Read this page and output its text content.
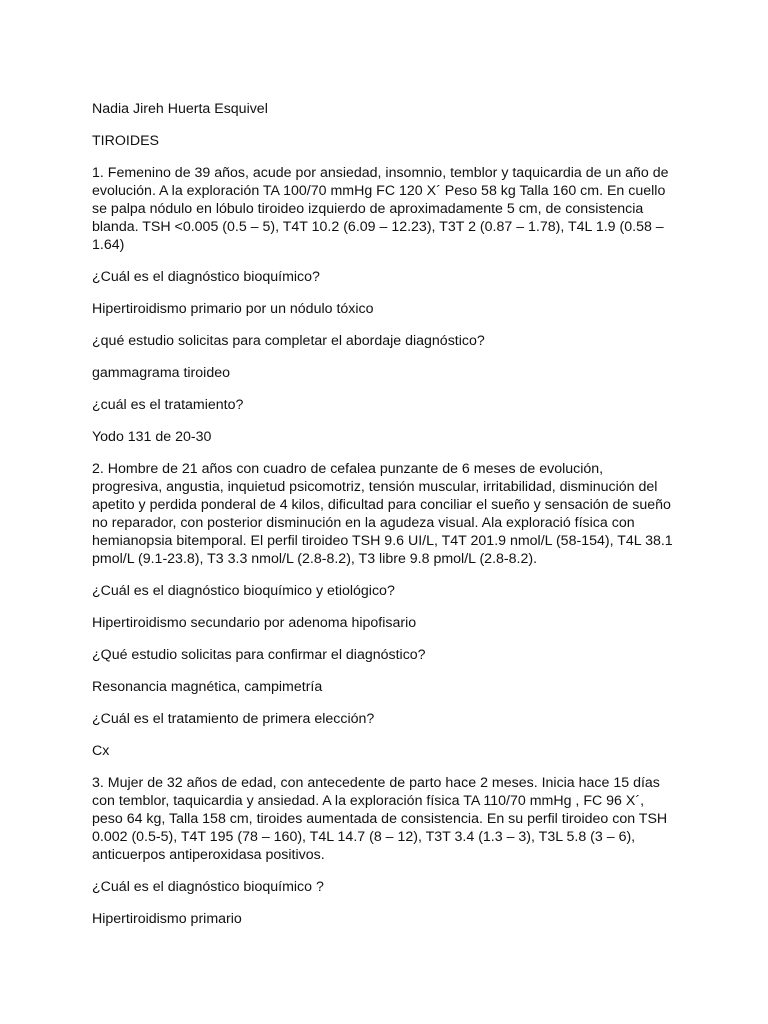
Nadia Jireh Huerta Esquivel

TIROIDES

1. Femenino de 39 años, acude por ansiedad, insomnio, temblor y taquicardia de un año de evolución. A la exploración TA 100/70 mmHg FC 120 X´ Peso 58 kg Talla 160 cm. En cuello se palpa nódulo en lóbulo tiroideo izquierdo de aproximadamente 5 cm, de consistencia blanda. TSH <0.005 (0.5 – 5), T4T 10.2 (6.09 – 12.23), T3T 2 (0.87 – 1.78), T4L 1.9 (0.58 – 1.64)

¿Cuál es el diagnóstico bioquímico?

Hipertiroidismo primario por un nódulo tóxico

¿qué estudio solicitas para completar el abordaje diagnóstico?

gammagrama tiroideo

¿cuál es el tratamiento?

Yodo 131 de 20-30

2. Hombre de 21 años con cuadro de cefalea punzante de 6 meses de evolución, progresiva, angustia, inquietud psicomotriz, tensión muscular, irritabilidad, disminución del apetito y perdida ponderal de 4 kilos, dificultad para conciliar el sueño y sensación de sueño no reparador, con posterior disminución en la agudeza visual. Ala exploració física con hemianopsia bitemporal. El perfil tiroideo TSH 9.6 UI/L, T4T 201.9 nmol/L (58-154), T4L 38.1 pmol/L (9.1-23.8), T3 3.3 nmol/L (2.8-8.2), T3 libre 9.8 pmol/L (2.8-8.2).

¿Cuál es el diagnóstico bioquímico y etiológico?

Hipertiroidismo secundario por adenoma hipofisario

¿Qué estudio solicitas para confirmar el diagnóstico?

Resonancia magnética, campimetría

¿Cuál es el tratamiento de primera elección?

Cx

3. Mujer de 32 años de edad, con antecedente de parto hace 2 meses. Inicia hace 15 días con temblor, taquicardia y ansiedad. A la exploración física TA 110/70 mmHg , FC 96 X´, peso 64 kg, Talla 158 cm, tiroides aumentada de consistencia. En su perfil tiroideo con TSH 0.002 (0.5-5), T4T 195 (78 – 160), T4L 14.7 (8 – 12), T3T 3.4 (1.3 – 3), T3L 5.8 (3 – 6), anticuerpos antiperoxidasa positivos.

¿Cuál es el diagnóstico bioquímico ?

Hipertiroidismo primario
